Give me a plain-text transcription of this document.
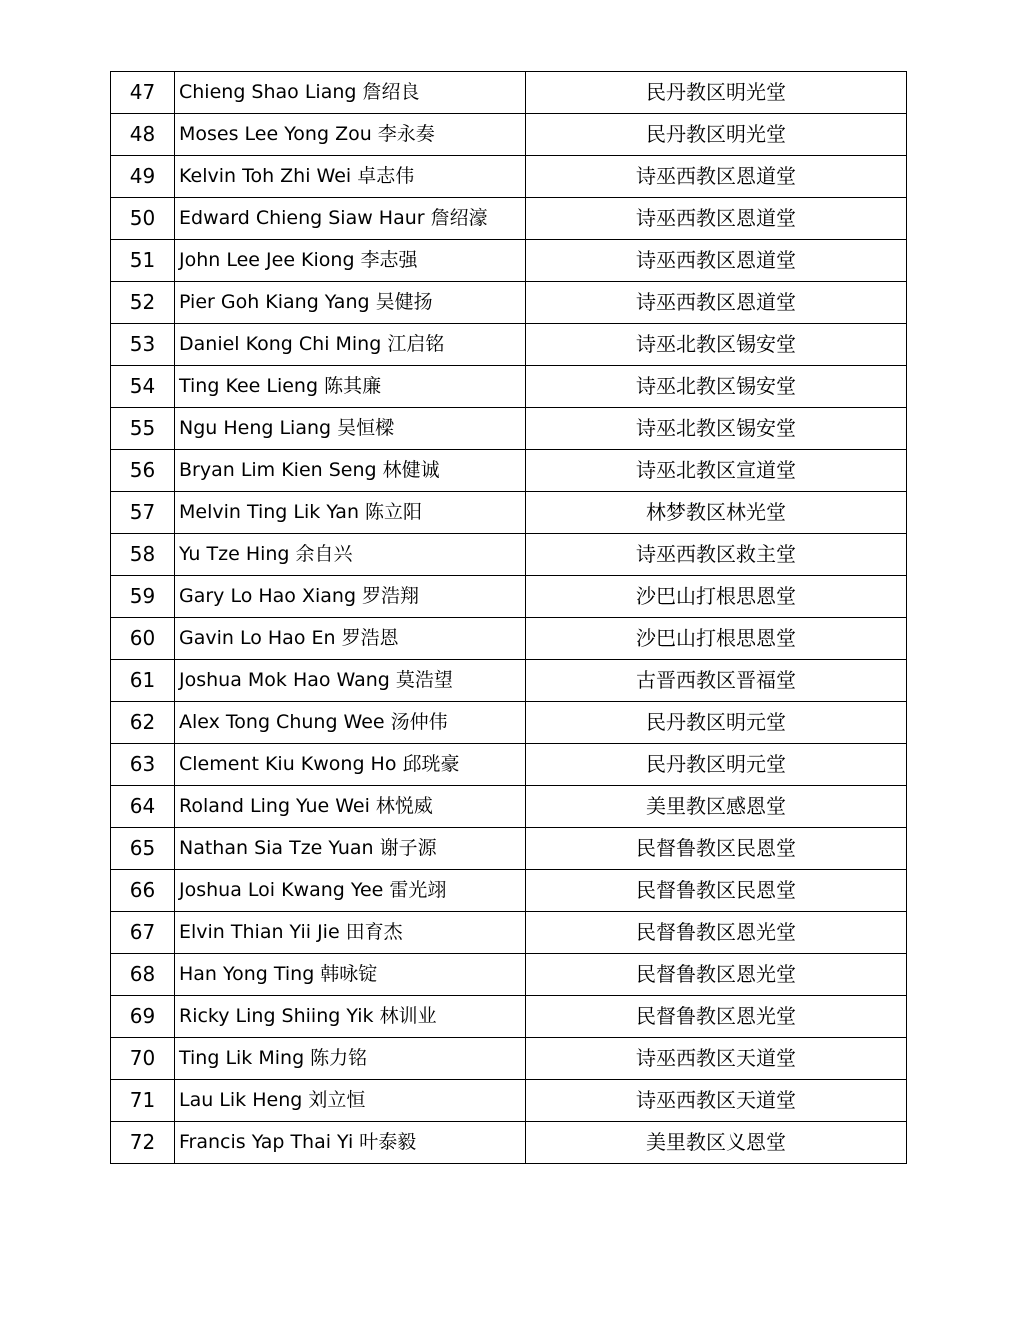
47	Chieng Shao Liang 詹绍良	民丹教区明光堂
48	Moses Lee Yong Zou 李永奏	民丹教区明光堂
49	Kelvin Toh Zhi Wei 卓志伟	诗巫西教区恩道堂
50	Edward Chieng Siaw Haur 詹绍濠	诗巫西教区恩道堂
51	John Lee Jee Kiong 李志强	诗巫西教区恩道堂
52	Pier Goh Kiang Yang 吴健扬	诗巫西教区恩道堂
53	Daniel Kong Chi Ming 江启铭	诗巫北教区锡安堂
54	Ting Kee Lieng 陈其廉	诗巫北教区锡安堂
55	Ngu Heng Liang 吴恒樑	诗巫北教区锡安堂
56	Bryan Lim Kien Seng 林健诚	诗巫北教区宣道堂
57	Melvin Ting Lik Yan 陈立阳	林梦教区林光堂
58	Yu Tze Hing 余自兴	诗巫西教区救主堂
59	Gary Lo Hao Xiang 罗浩翔	沙巴山打根思恩堂
60	Gavin Lo Hao En 罗浩恩	沙巴山打根思恩堂
61	Joshua Mok Hao Wang 莫浩望	古晋西教区晋福堂
62	Alex Tong Chung Wee 汤仲伟	民丹教区明元堂
63	Clement Kiu Kwong Ho 邱珖豪	民丹教区明元堂
64	Roland Ling Yue Wei 林悦威	美里教区感恩堂
65	Nathan Sia Tze Yuan 谢子源	民督鲁教区民恩堂
66	Joshua Loi Kwang Yee 雷光翊	民督鲁教区民恩堂
67	Elvin Thian Yii Jie 田育杰	民督鲁教区恩光堂
68	Han Yong Ting 韩咏锭	民督鲁教区恩光堂
69	Ricky Ling Shiing Yik 林训业	民督鲁教区恩光堂
70	Ting Lik Ming 陈力铭	诗巫西教区天道堂
71	Lau Lik Heng 刘立恒	诗巫西教区天道堂
72	Francis Yap Thai Yi 叶泰毅	美里教区义恩堂
